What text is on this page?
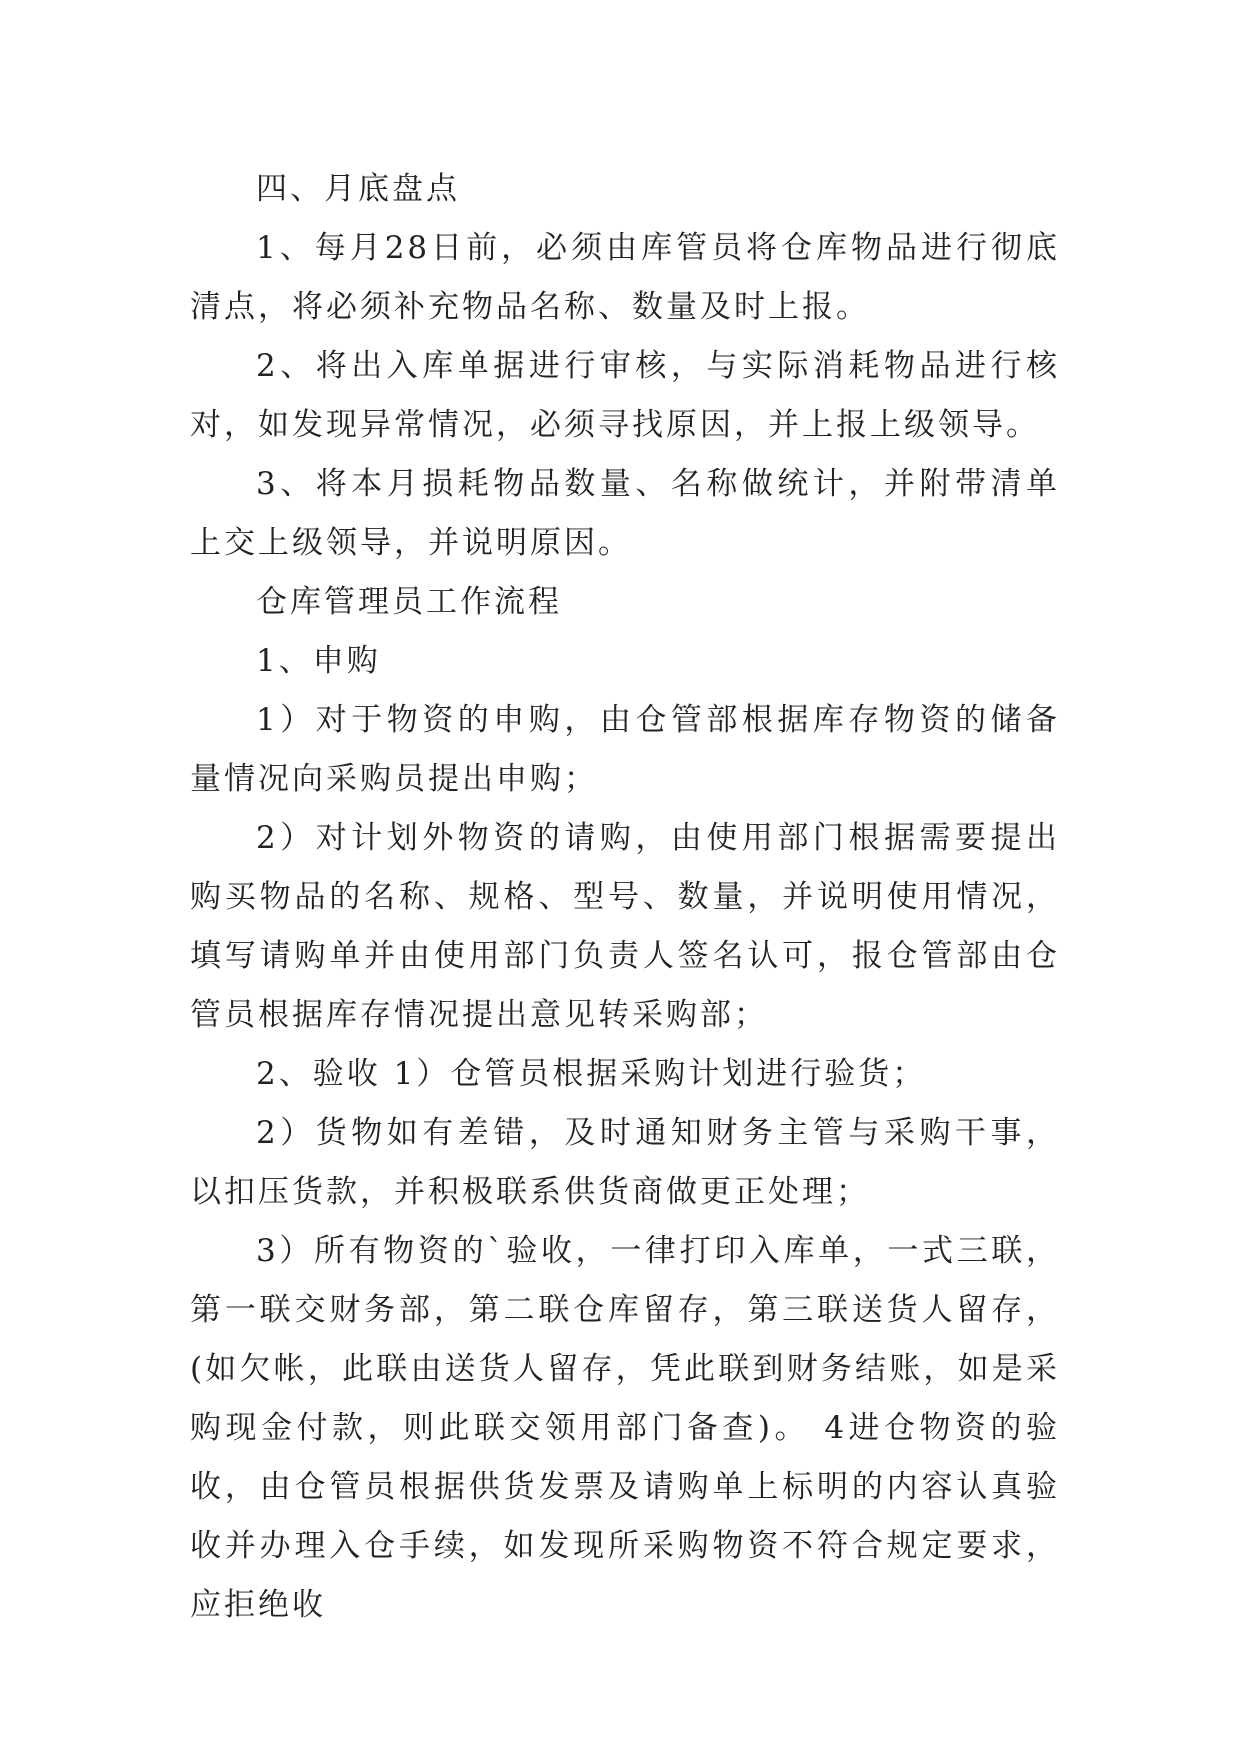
四、月底盘点

1、每月28日前，必须由库管员将仓库物品进行彻底清点，将必须补充物品名称、数量及时上报。

2、将出入库单据进行审核，与实际消耗物品进行核对，如发现异常情况，必须寻找原因，并上报上级领导。

3、将本月损耗物品数量、名称做统计，并附带清单上交上级领导，并说明原因。

仓库管理员工作流程

1、申购

1）对于物资的申购，由仓管部根据库存物资的储备量情况向采购员提出申购；

2）对计划外物资的请购，由使用部门根据需要提出购买物品的名称、规格、型号、数量，并说明使用情况，填写请购单并由使用部门负责人签名认可，报仓管部由仓管员根据库存情况提出意见转采购部；

2、验收 1）仓管员根据采购计划进行验货；

2）货物如有差错，及时通知财务主管与采购干事，以扣压货款，并积极联系供货商做更正处理；

3）所有物资的`验收，一律打印入库单，一式三联，第一联交财务部，第二联仓库留存，第三联送货人留存，(如欠帐，此联由送货人留存，凭此联到财务结账，如是采购现金付款，则此联交领用部门备查)。 4进仓物资的验收，由仓管员根据供货发票及请购单上标明的内容认真验收并办理入仓手续，如发现所采购物资不符合规定要求，应拒绝收
